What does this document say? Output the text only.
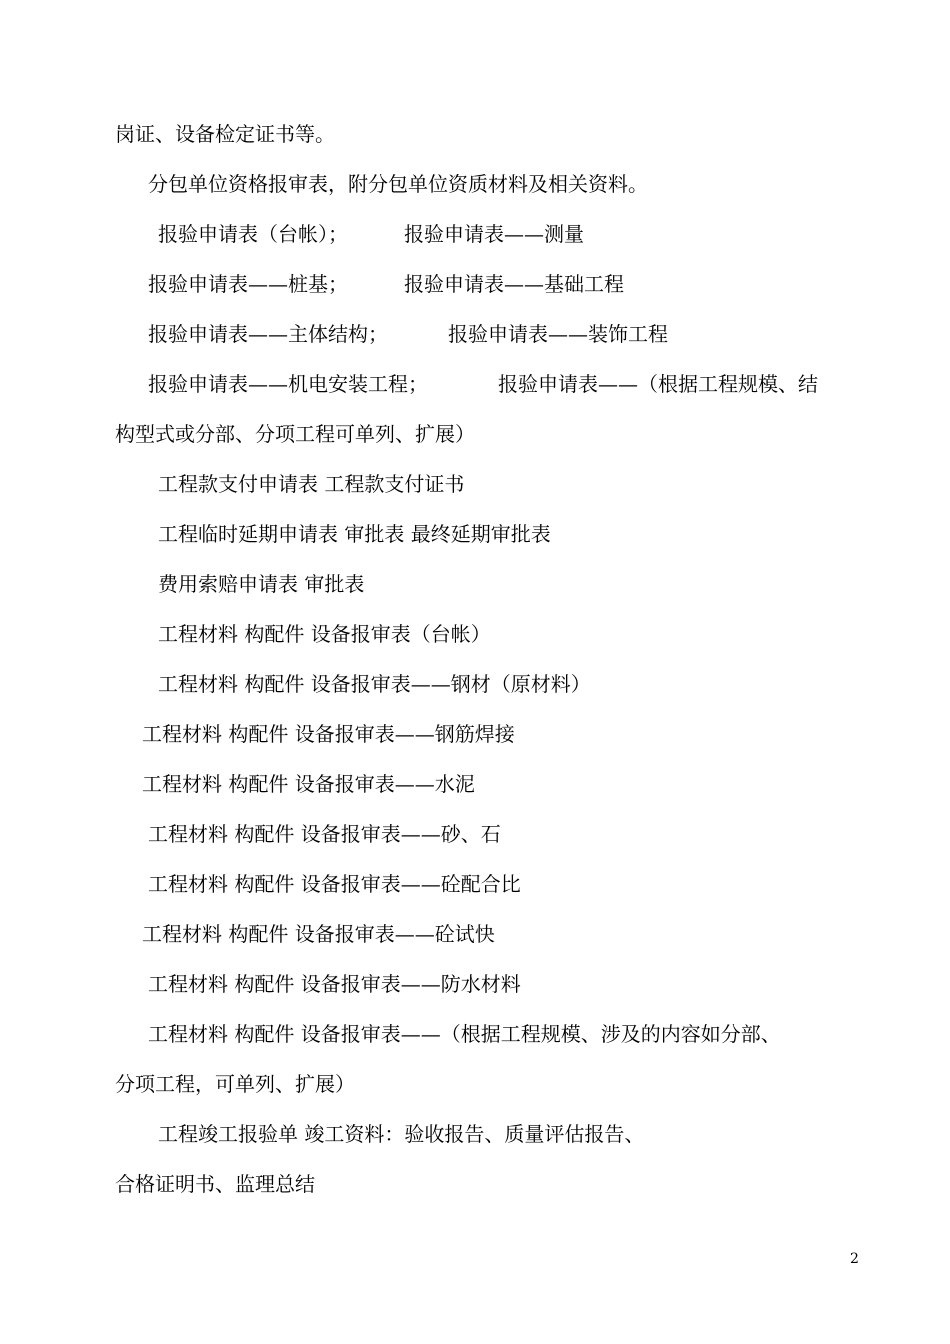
岗证、设备检定证书等。
分包单位资格报审表，附分包单位资质材料及相关资料。
报验申请表（台帐）；	报验申请表——测量
报验申请表——桩基；	报验申请表——基础工程
报验申请表——主体结构；	报验申请表——装饰工程
报验申请表——机电安装工程；	报验申请表——（根据工程规模、结
构型式或分部、分项工程可单列、扩展）
工程款支付申请表 工程款支付证书
工程临时延期申请表 审批表 最终延期审批表
费用索赔申请表 审批表
工程材料 构配件 设备报审表（台帐）
工程材料 构配件 设备报审表——钢材（原材料）
工程材料 构配件 设备报审表——钢筋焊接
工程材料 构配件 设备报审表——水泥
工程材料 构配件 设备报审表——砂、石
工程材料 构配件 设备报审表——砼配合比
工程材料 构配件 设备报审表——砼试快
工程材料 构配件 设备报审表——防水材料
工程材料 构配件 设备报审表——（根据工程规模、涉及的内容如分部、
分项工程，可单列、扩展）
工程竣工报验单 竣工资料：验收报告、质量评估报告、
合格证明书、监理总结
2
